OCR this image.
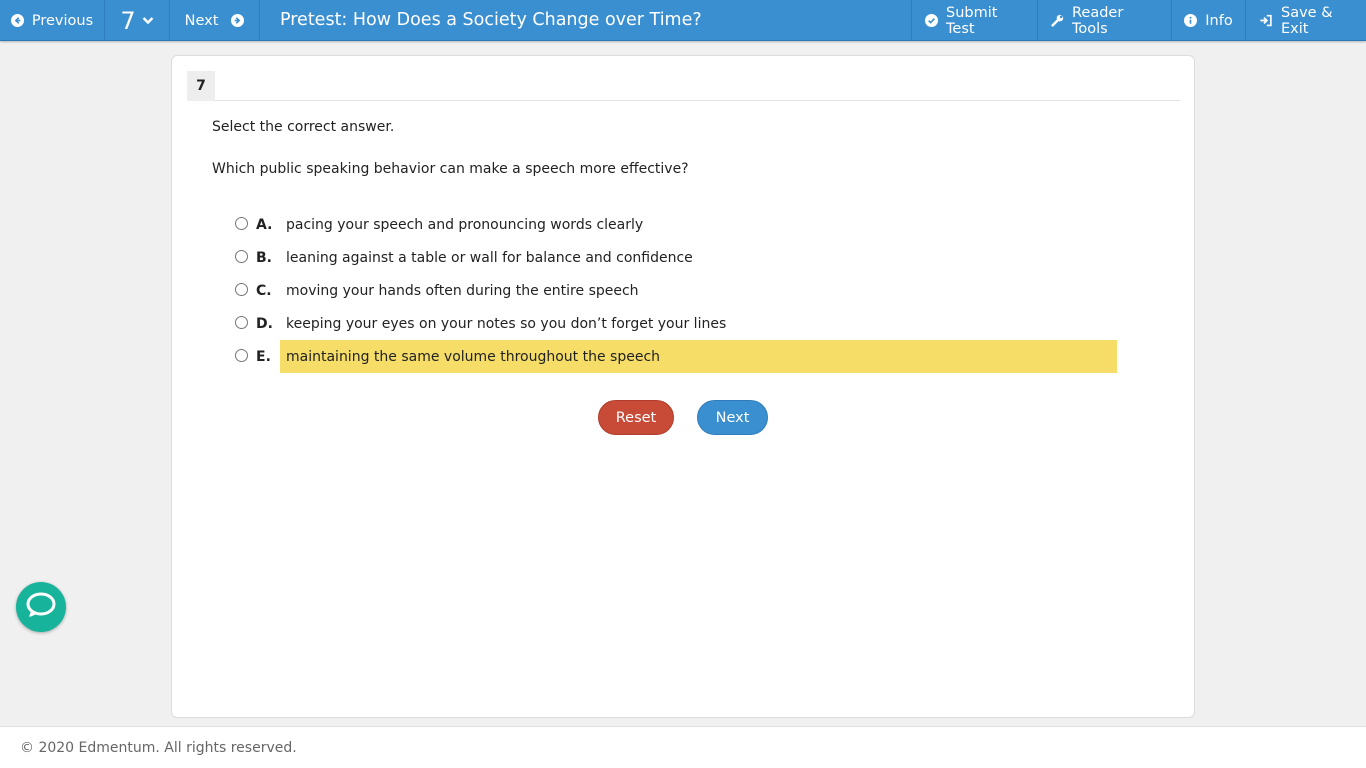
Previous 7	Next	Pretest: How Does a Society Change over Time?	Submit Test
Reader Tools	Info	Save & Exit
7
Select the correct answer.
Which public speaking behavior can make a speech more effective?
A. pacing your speech and pronouncing words clearly
B.	leaning against a table or wall for balance and confidence
C.	moving your hands often during the entire speech
D. keeping your eyes on your notes so you don’t forget your lines
E.	maintaining the same volume throughout the speech
Reset	Next
© 2020 Edmentum. All rights reserved.
